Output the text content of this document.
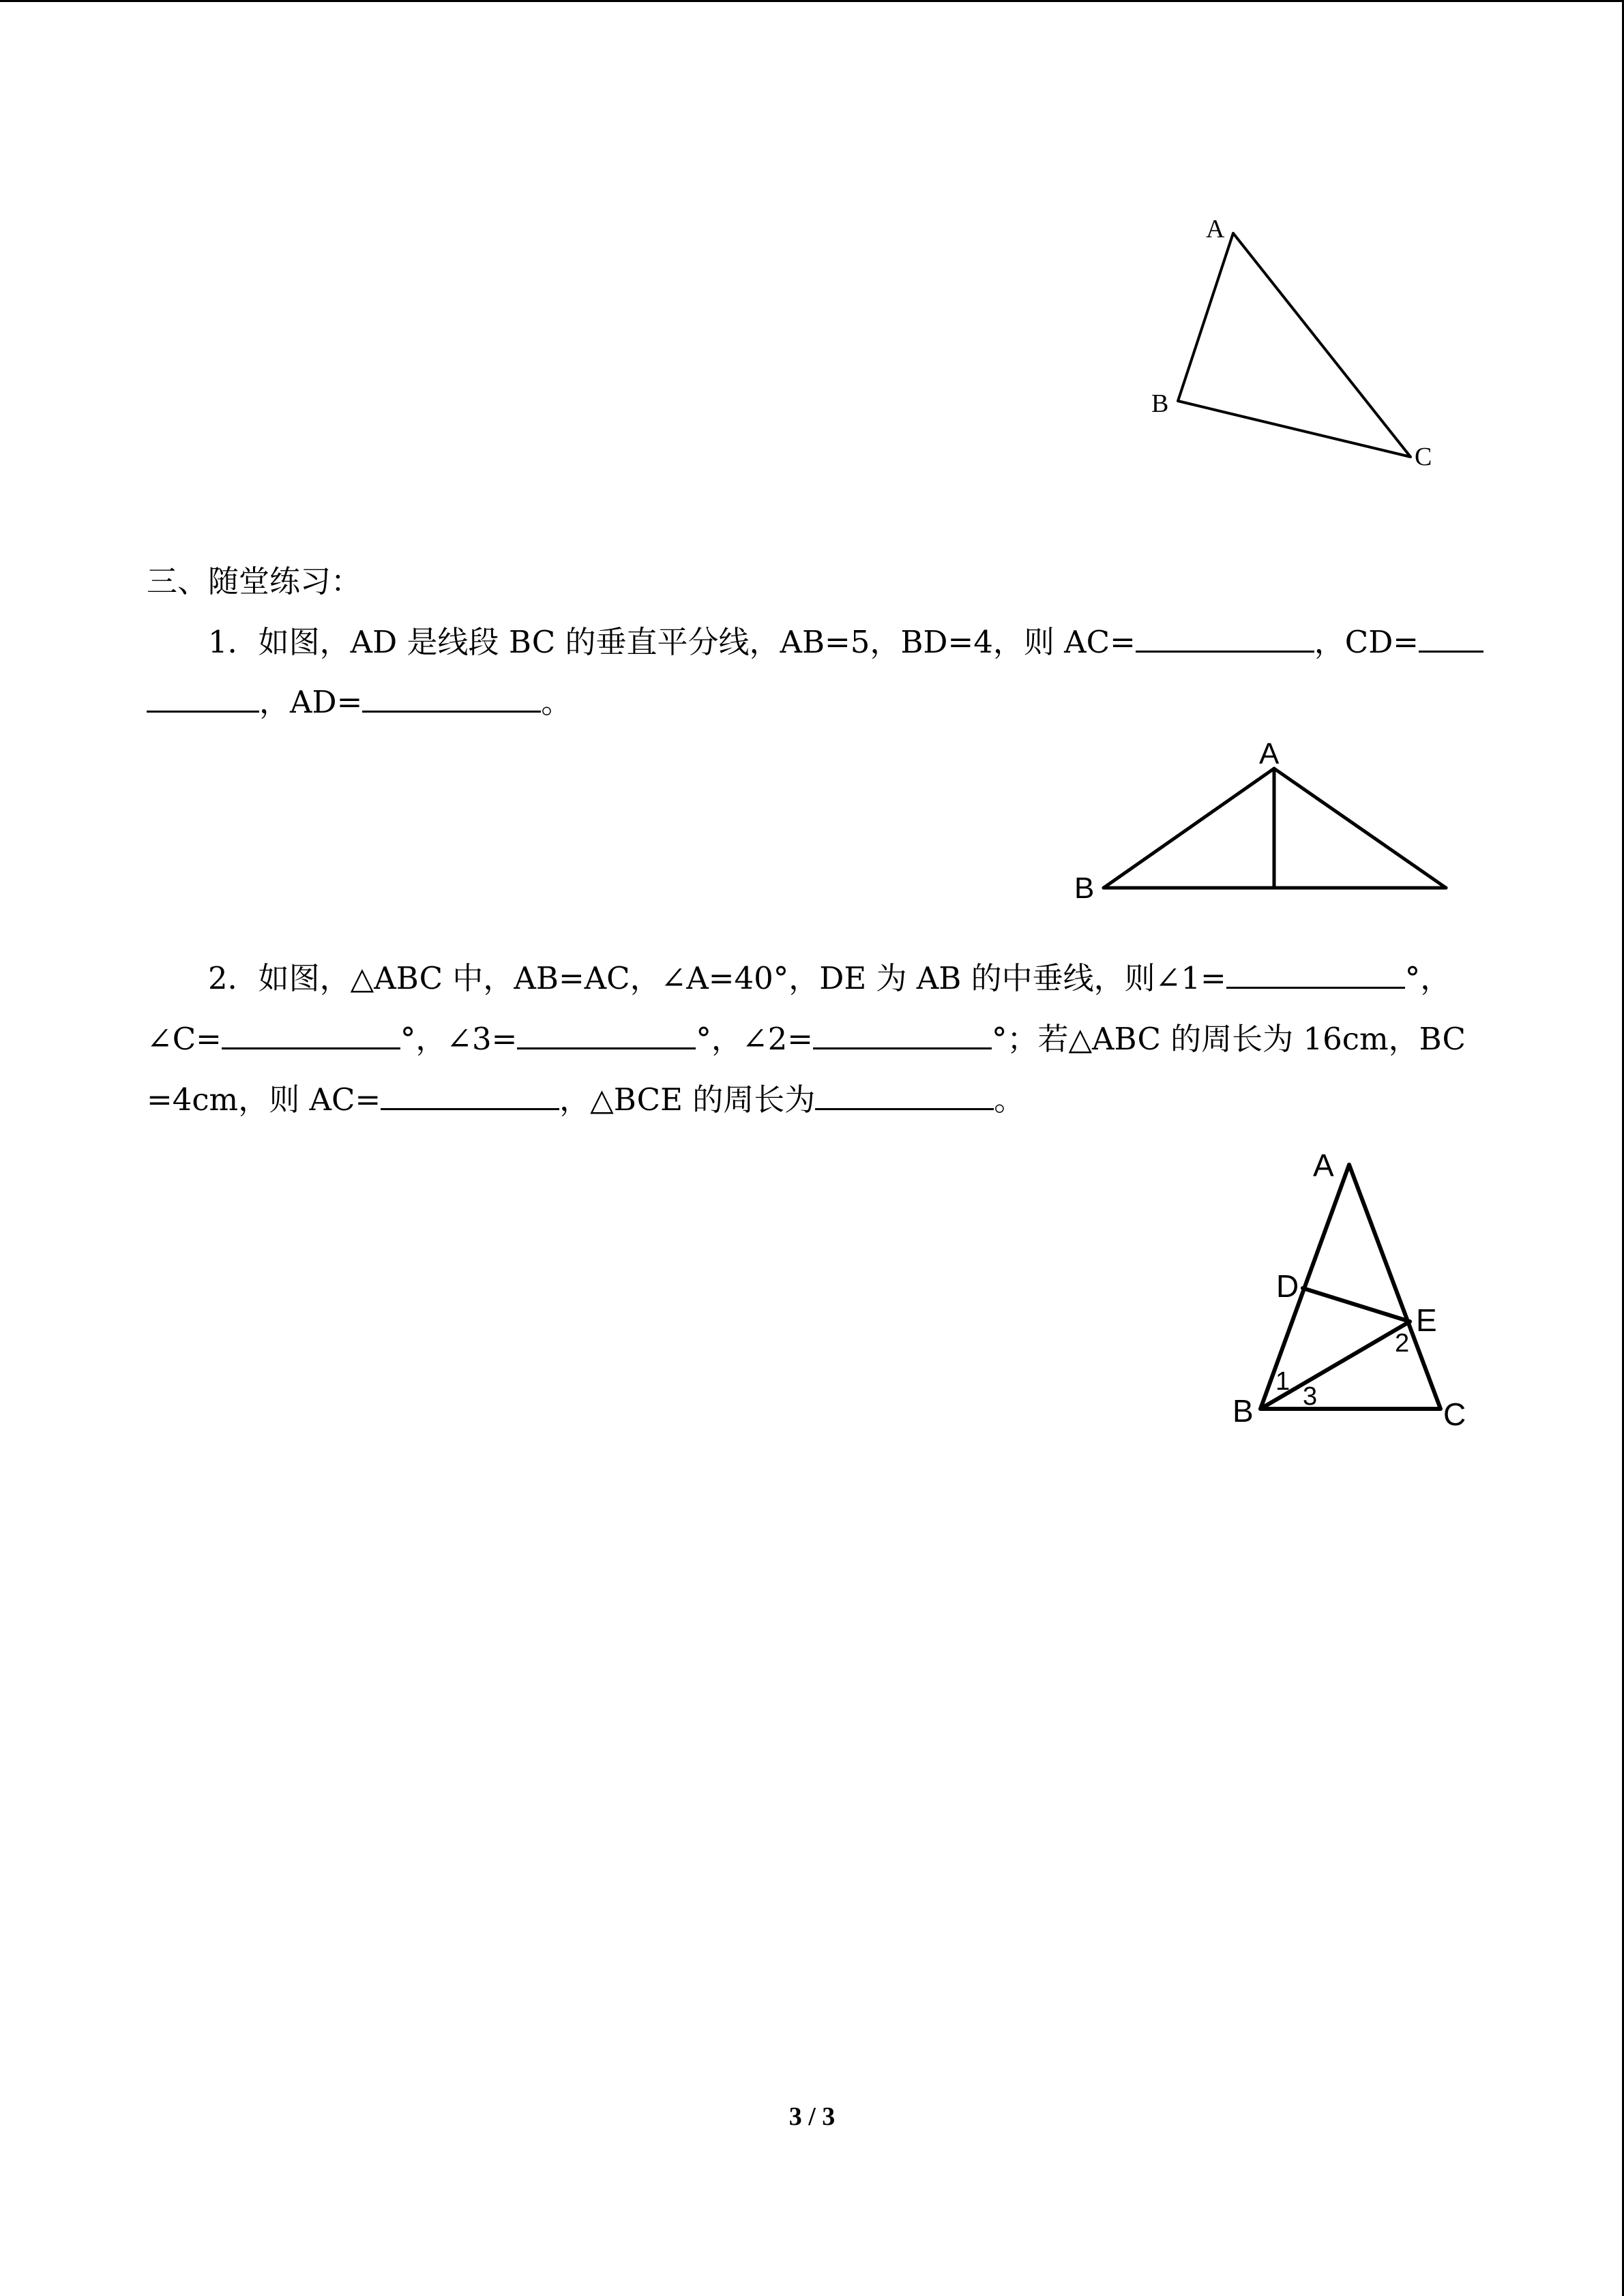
A
B
C
三、随堂练习：
1．如图，AD 是线段 BC 的垂直平分线，AB=5，BD=4，则 AC=	，CD=
，AD=	。
A
B
2．如图，△ABC 中，AB=AC，∠A=40°，DE 为 AB 的中垂线，则∠1=	°，
∠C=	°，∠3=	°，∠2=	°；若△ABC 的周长为 16cm，BC
=4cm，则 AC=	，△BCE 的周长为	。
A
D
E
B	C
1
2
3
3 / 3
